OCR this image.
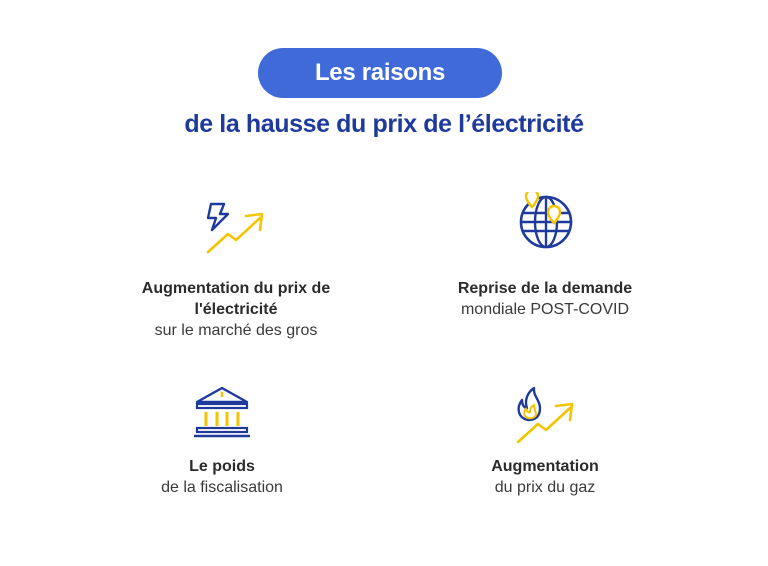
Les raisons
de la hausse du prix de l’électricité
Augmentation du prix de
l'électricité
sur le marché des gros
Reprise de la demande
mondiale POST-COVID
Le poids
de la fiscalisation
Augmentation
du prix du gaz
